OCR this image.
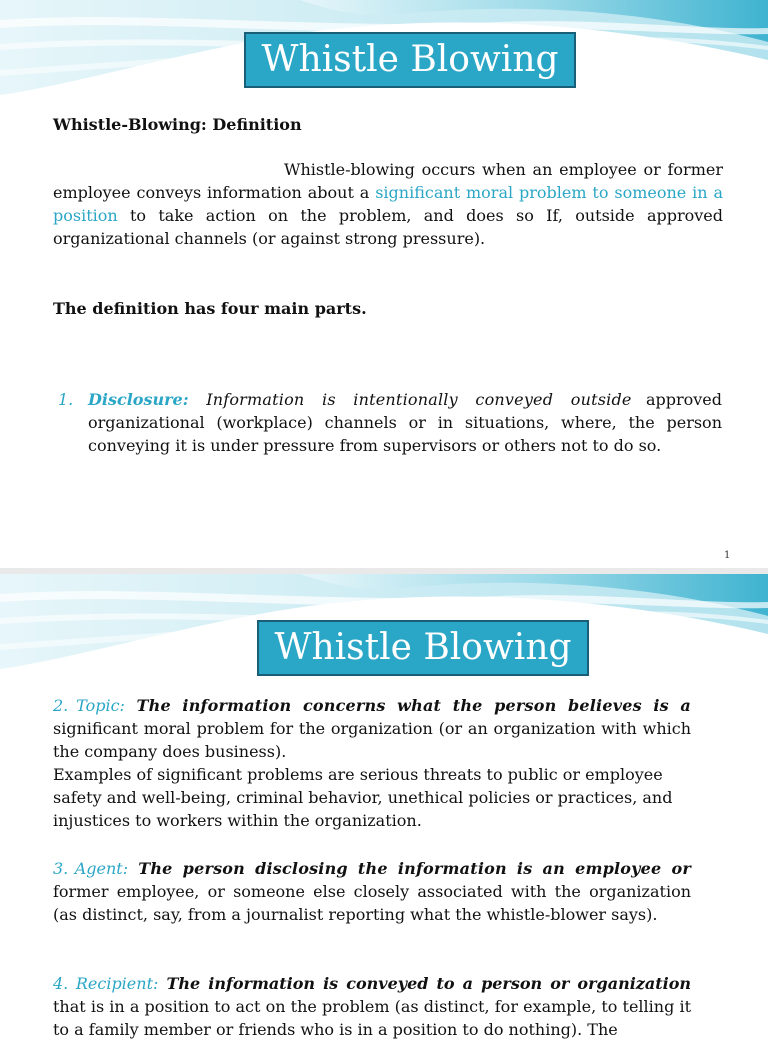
Whistle Blowing
Whistle-Blowing: Definition
Whistle-blowing occurs when an employee or former employee conveys information about a significant moral problem to someone in a position to take action on the problem, and does so If, outside approved organizational channels (or against strong pressure).
The definition has four main parts.
1. Disclosure: Information is intentionally conveyed outside approved organizational (workplace) channels or in situations, where, the person conveying it is under pressure from supervisors or others not to do so.
1
Whistle Blowing
2. Topic: The information concerns what the person believes is a significant moral problem for the organization (or an organization with which the company does business).
Examples of significant problems are serious threats to public or employee safety and well-being, criminal behavior, unethical policies or practices, and injustices to workers within the organization.
3. Agent: The person disclosing the information is an employee or former employee, or someone else closely associated with the organization (as distinct, say, from a journalist reporting what the whistle-blower says).
4. Recipient: The information is conveyed to a person or organization that is in a position to act on the problem (as distinct, for example, to telling it to a family member or friends who is in a position to do nothing). The
